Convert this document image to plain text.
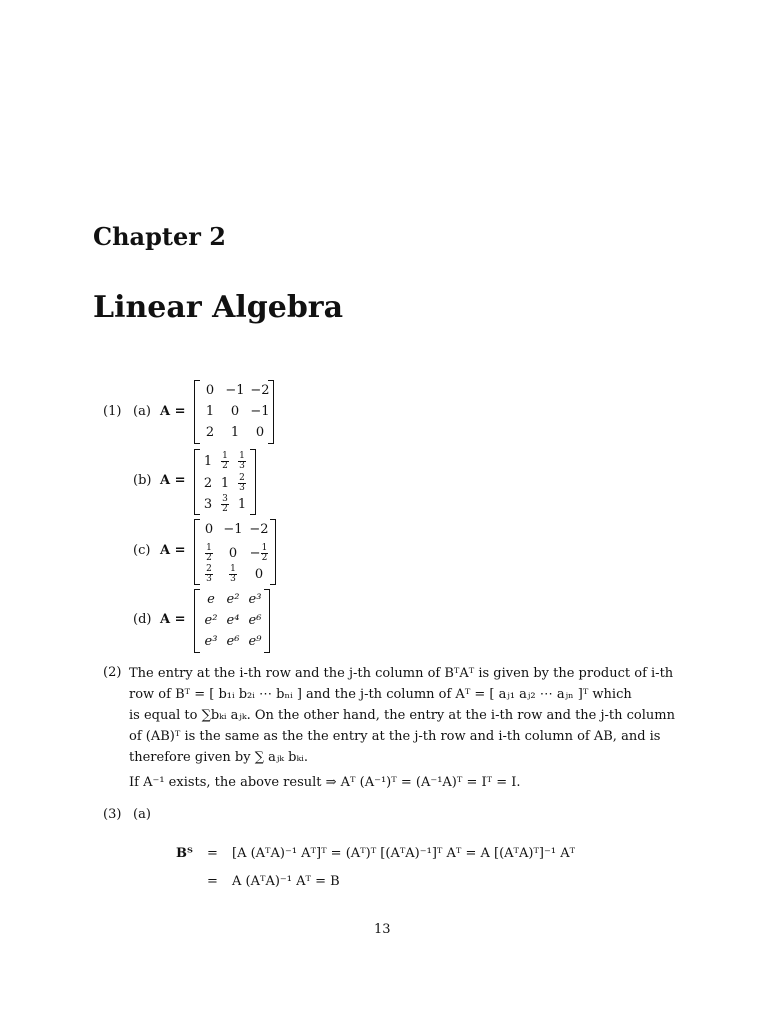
Chapter 2
Linear Algebra
(1) (a) A =
0 −1 −2
1 0 −1
2 1 0
(b) A =
$1 \frac{1}{2} \frac{1}{3}$
2 $1 \frac{2}{3}$
$3 \frac{3}{2} 1$
(c) A =
0 −1 −2
$\frac{1}{2} 0 - \frac{1}{2}$
$\frac{2}{3} \frac{1}{3} 0$
(d) A =
e e² e³
e² e⁴ e⁶
e³ e⁶ e⁹
(2) The entry at the i-th row and the j-th column of BᵀAᵀ is given by the product of i-th
row of Bᵀ = [ b₁ᵢ b₂ᵢ ⋯ bₙᵢ ] and the j-th column of Aᵀ = [ aⱼ₁ aⱼ₂ ⋯ aⱼₙ ]ᵀ which
is equal to ∑bₖᵢ aⱼₖ. On the other hand, the entry at the i-th row and the j-th column
of (AB)ᵀ is the same as the the entry at the j-th row and i-th column of AB, and is
therefore given by ∑ aⱼₖ bₖᵢ.
If A⁻¹ exists, the above result ⇒ Aᵀ (A⁻¹)ᵀ = (A⁻¹A)ᵀ = Iᵀ = I.
(3) (a)
Bᵀ = [A (AᵀA)⁻¹ Aᵀ]ᵀ = (Aᵀ)ᵀ [(AᵀA)⁻¹]ᵀ Aᵀ = A [(AᵀA)ᵀ]⁻¹ Aᵀ
= A (AᵀA)⁻¹ Aᵀ = B
13
